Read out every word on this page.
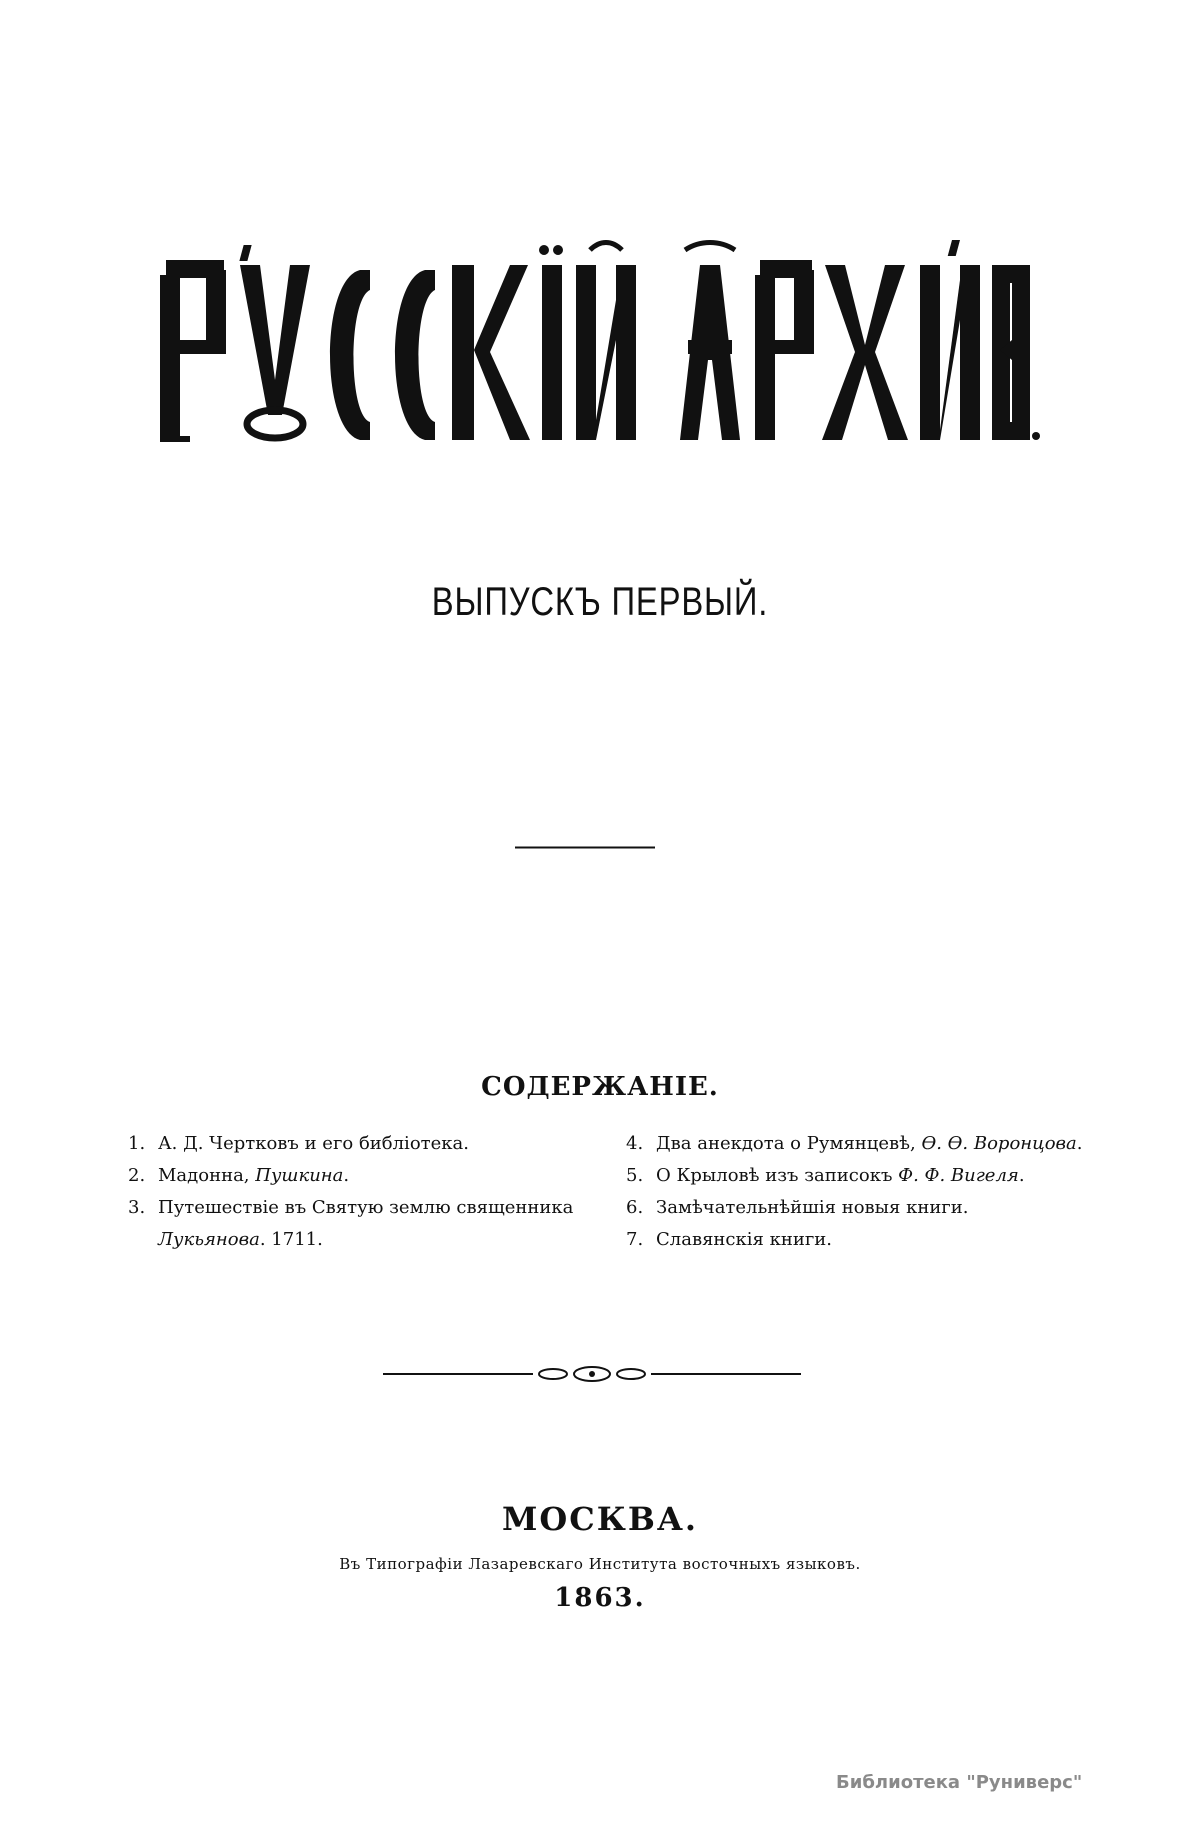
ВЫПУСКЪ ПЕРВЫЙ.
СОДЕРЖАНІЕ.
1. А. Д. Чертковъ и его библіотека.
2. Мадонна, Пушкина.
3. Путешествіе въ Святую землю священника Лукьянова. 1711.
4. Два анекдота о Румянцевѣ, Ѳ. Ѳ. Воронцова.
5. О Крыловѣ изъ записокъ Ф. Ф. Вигеля.
6. Замѣчательнѣйшія новыя книги.
7. Славянскія книги.
МОСКВА.
Въ Типографіи Лазаревскаго Института восточныхъ языковъ.
1863.
Библиотека "Руниверс"
